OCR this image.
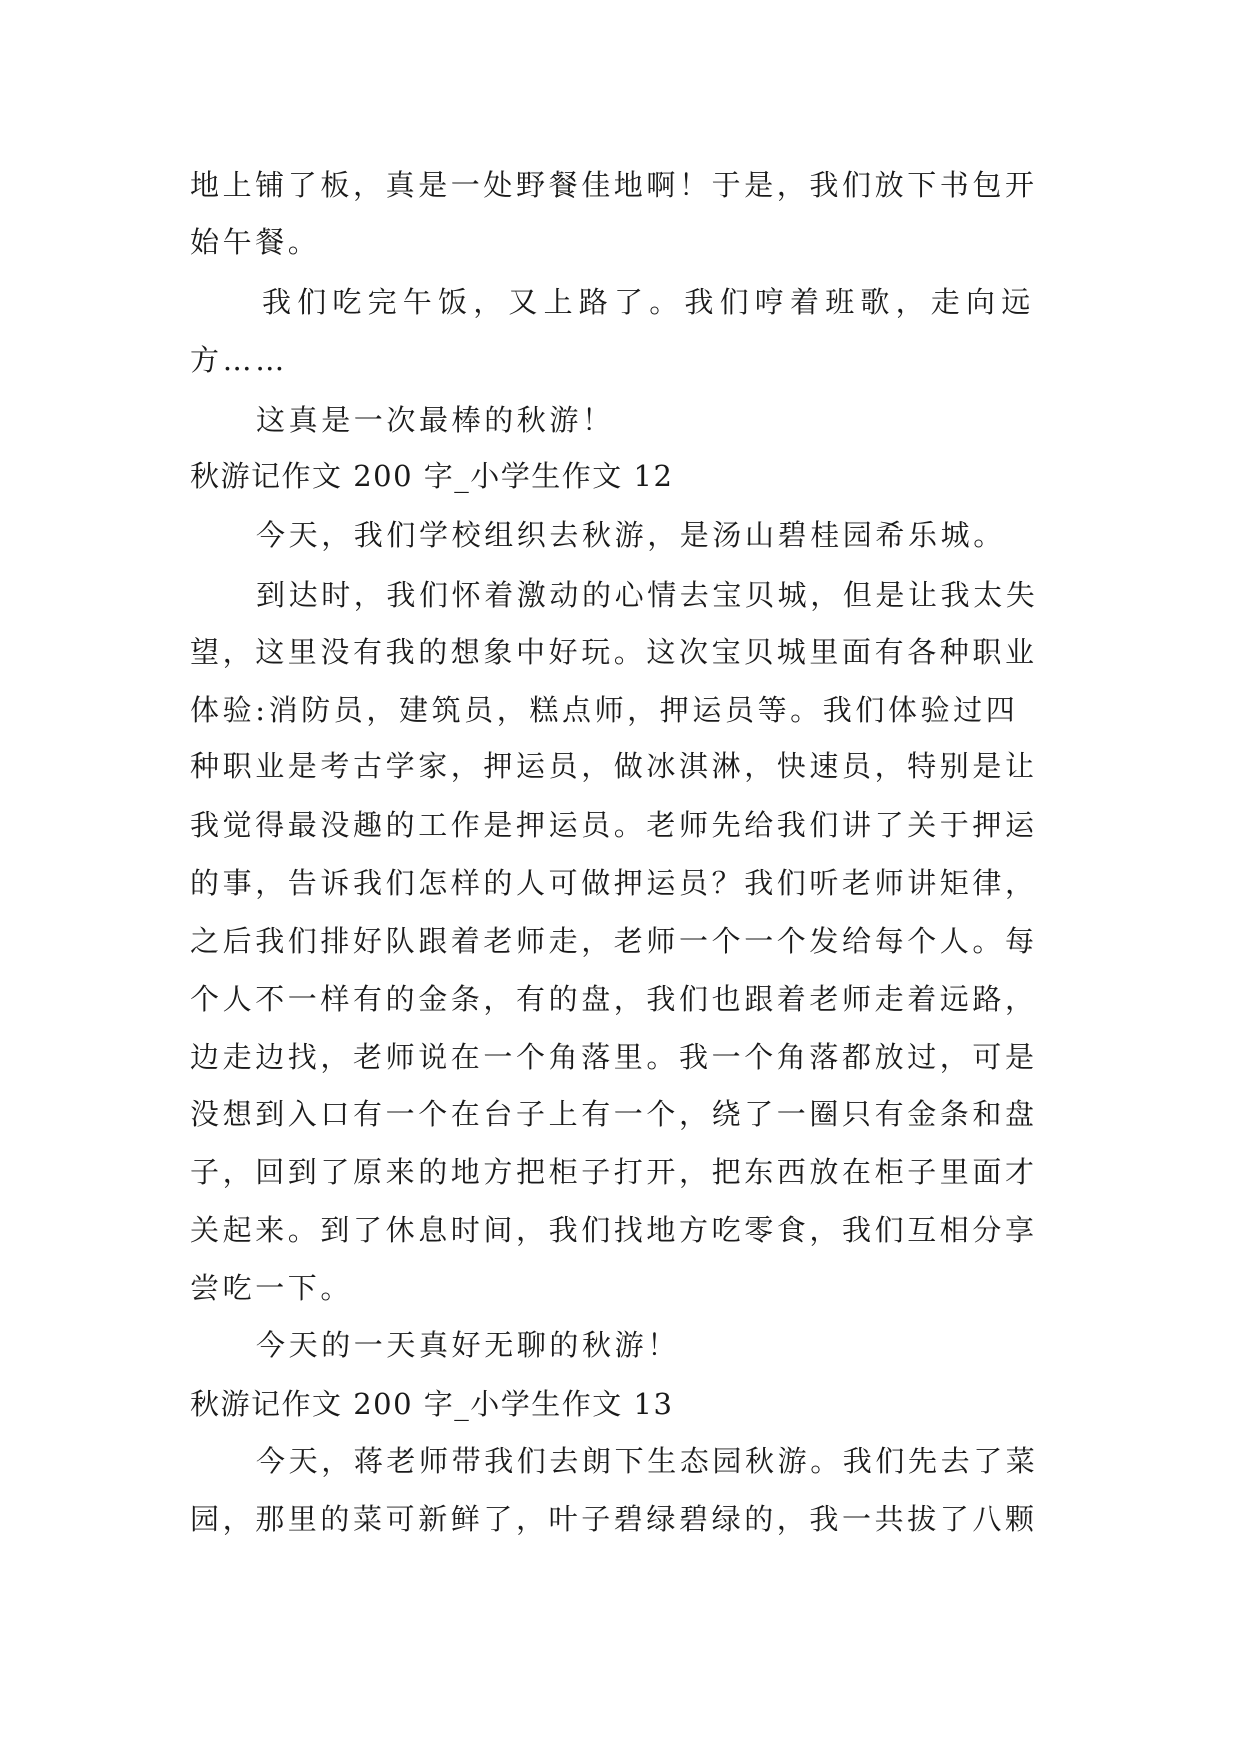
地上铺了板，真是一处野餐佳地啊！于是，我们放下书包开
始午餐。
我们吃完午饭，又上路了。我们哼着班歌，走向远
方……
这真是一次最棒的秋游！
秋游记作文 200 字_小学生作文 12
今天，我们学校组织去秋游，是汤山碧桂园希乐城。
到达时，我们怀着激动的心情去宝贝城，但是让我太失
望，这里没有我的想象中好玩。这次宝贝城里面有各种职业
体验:消防员，建筑员，糕点师，押运员等。我们体验过四
种职业是考古学家，押运员，做冰淇淋，快速员，特别是让
我觉得最没趣的工作是押运员。老师先给我们讲了关于押运
的事，告诉我们怎样的人可做押运员？我们听老师讲矩律，
之后我们排好队跟着老师走，老师一个一个发给每个人。每
个人不一样有的金条，有的盘，我们也跟着老师走着远路，
边走边找，老师说在一个角落里。我一个角落都放过，可是
没想到入口有一个在台子上有一个，绕了一圈只有金条和盘
子，回到了原来的地方把柜子打开，把东西放在柜子里面才
关起来。到了休息时间，我们找地方吃零食，我们互相分享
尝吃一下。
今天的一天真好无聊的秋游！
秋游记作文 200 字_小学生作文 13
今天，蒋老师带我们去朗下生态园秋游。我们先去了菜
园，那里的菜可新鲜了，叶子碧绿碧绿的，我一共拔了八颗
